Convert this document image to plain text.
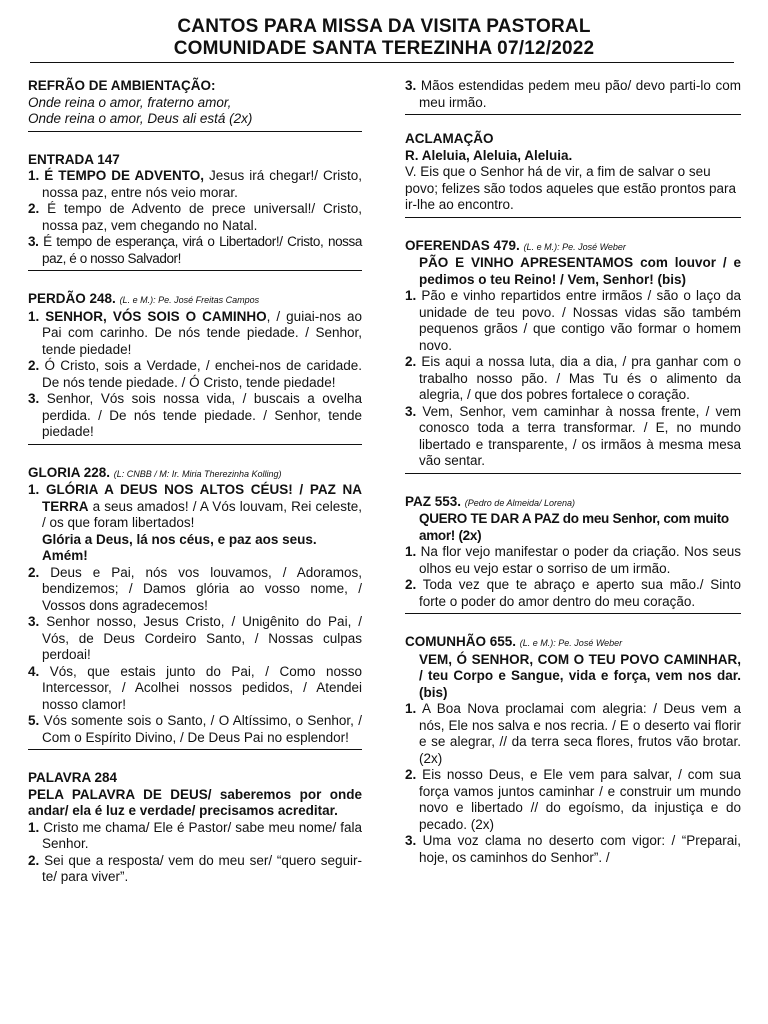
CANTOS PARA MISSA DA VISITA PASTORAL
COMUNIDADE SANTA TEREZINHA 07/12/2022
REFRÃO DE AMBIENTAÇÃO:
Onde reina o amor, fraterno amor,
Onde reina o amor, Deus ali está (2x)
ENTRADA 147
1. É TEMPO DE ADVENTO, Jesus irá chegar!/ Cristo, nossa paz, entre nós veio morar.
2. É tempo de Advento de prece universal!/ Cristo, nossa paz, vem chegando no Natal.
3. É tempo de esperança, virá o Libertador!/ Cristo, nossa paz, é o nosso Salvador!
PERDÃO 248. (L. e M.): Pe. José Freitas Campos
1. SENHOR, VÓS SOIS O CAMINHO, / guiai-nos ao Pai com carinho. De nós tende piedade. / Senhor, tende piedade!
2. Ó Cristo, sois a Verdade, / enchei-nos de caridade. De nós tende piedade. / Ó Cristo, tende piedade!
3. Senhor, Vós sois nossa vida, / buscais a ovelha perdida. / De nós tende piedade. / Senhor, tende piedade!
GLORIA 228. (L: CNBB / M: Ir. Miria Therezinha Kolling)
1. GLÓRIA A DEUS NOS ALTOS CÉUS! / PAZ NA TERRA a seus amados! / A Vós louvam, Rei celeste, / os que foram libertados!
Glória a Deus, lá nos céus, e paz aos seus. Amém!
2. Deus e Pai, nós vos louvamos, / Adoramos, bendizemos; / Damos glória ao vosso nome, / Vossos dons agradecemos!
3. Senhor nosso, Jesus Cristo, / Unigênito do Pai, / Vós, de Deus Cordeiro Santo, / Nossas culpas perdoai!
4. Vós, que estais junto do Pai, / Como nosso Intercessor, / Acolhei nossos pedidos, / Atendei nosso clamor!
5. Vós somente sois o Santo, / O Altíssimo, o Senhor, / Com o Espírito Divino, / De Deus Pai no esplendor!
PALAVRA 284
PELA PALAVRA DE DEUS/ saberemos por onde andar/ ela é luz e verdade/ precisamos acreditar.
1. Cristo me chama/ Ele é Pastor/ sabe meu nome/ fala Senhor.
2. Sei que a resposta/ vem do meu ser/ “quero seguir-te/ para viver”.
3. Mãos estendidas pedem meu pão/ devo parti-lo com meu irmão.
ACLAMAÇÃO
R. Aleluia, Aleluia, Aleluia.
V. Eis que o Senhor há de vir, a fim de salvar o seu povo; felizes são todos aqueles que estão prontos para ir-lhe ao encontro.
OFERENDAS 479. (L. e M.): Pe. José Weber
PÃO E VINHO APRESENTAMOS com louvor / e pedimos o teu Reino! / Vem, Senhor! (bis)
1. Pão e vinho repartidos entre irmãos / são o laço da unidade de teu povo. / Nossas vidas são também pequenos grãos / que contigo vão formar o homem novo.
2. Eis aqui a nossa luta, dia a dia, / pra ganhar com o trabalho nosso pão. / Mas Tu és o alimento da alegria, / que dos pobres fortalece o coração.
3. Vem, Senhor, vem caminhar à nossa frente, / vem conosco toda a terra transformar. / E, no mundo libertado e transparente, / os irmãos à mesma mesa vão sentar.
PAZ 553. (Pedro de Almeida/ Lorena)
QUERO TE DAR A PAZ do meu Senhor, com muito amor! (2x)
1. Na flor vejo manifestar o poder da criação. Nos seus olhos eu vejo estar o sorriso de um irmão.
2. Toda vez que te abraço e aperto sua mão./ Sinto forte o poder do amor dentro do meu coração.
COMUNHÃO 655. (L. e M.): Pe. José Weber
VEM, Ó SENHOR, COM O TEU POVO CAMINHAR, / teu Corpo e Sangue, vida e força, vem nos dar. (bis)
1. A Boa Nova proclamai com alegria: / Deus vem a nós, Ele nos salva e nos recria. / E o deserto vai florir e se alegrar, // da terra seca flores, frutos vão brotar. (2x)
2. Eis nosso Deus, e Ele vem para salvar, / com sua força vamos juntos caminhar / e construir um mundo novo e libertado // do egoísmo, da injustiça e do pecado. (2x)
3. Uma voz clama no deserto com vigor: / “Preparai, hoje, os caminhos do Senhor”. /
